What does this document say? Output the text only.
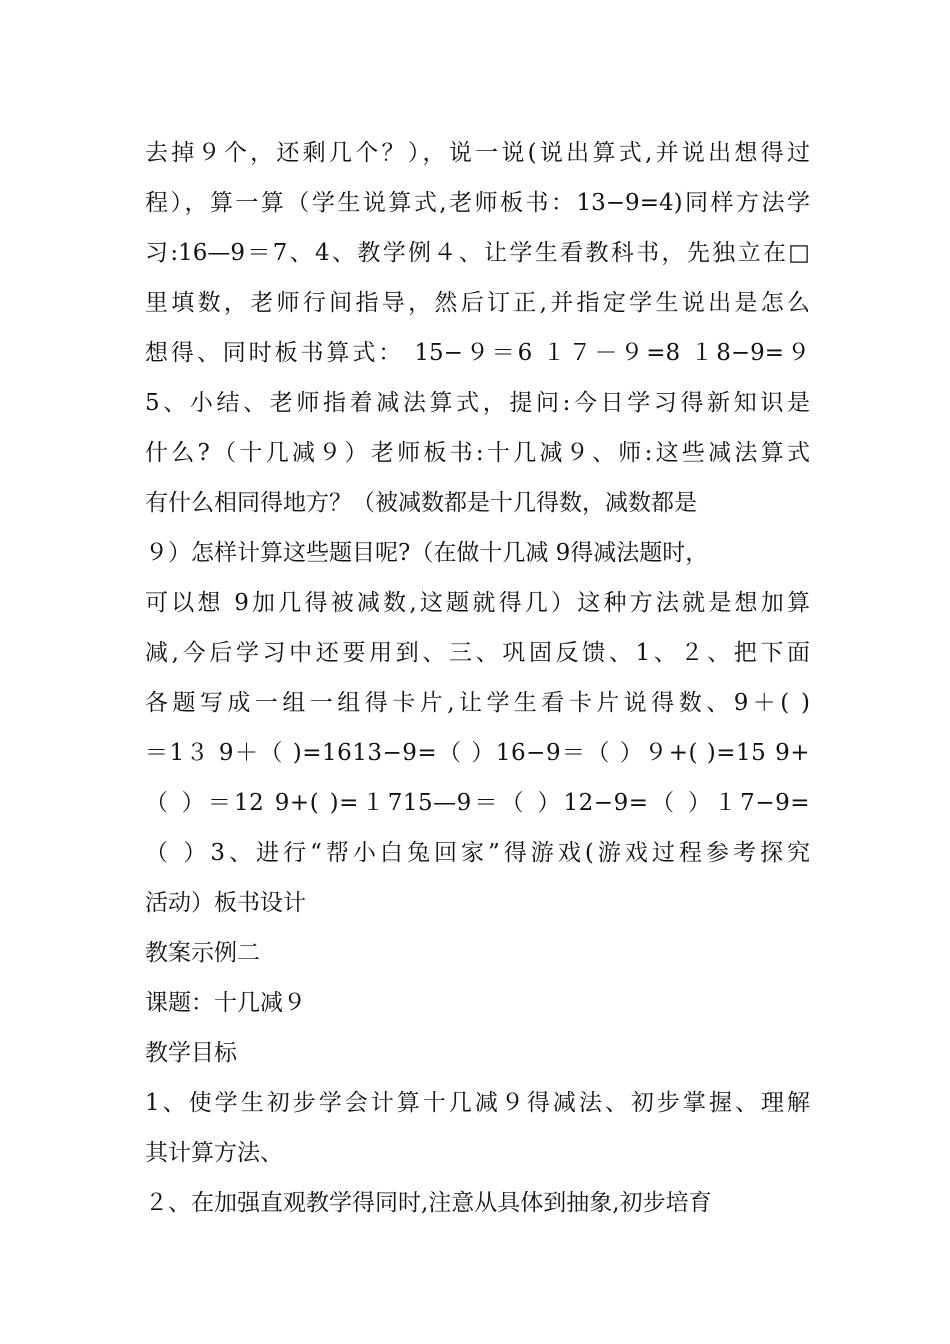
去掉９个，还剩几个？），说一说(说出算式,并说出想得过
程），算一算（学生说算式,老师板书：13−9=4)同样方法学
习:16—9＝7、4、教学例４、让学生看教科书，先独立在□
里填数，老师行间指导，然后订正,并指定学生说出是怎么
想得、同时板书算式： 15−９＝6 １７－９=8 １8−9=９
5、小结、老师指着减法算式，提问:今日学习得新知识是
什么?（十几减９）老师板书:十几减９、师:这些减法算式
有什么相同得地方？（被减数都是十几得数，减数都是
９）怎样计算这些题目呢?（在做十几减 9得减法题时，
可以想 9加几得被减数,这题就得几）这种方法就是想加算
减,今后学习中还要用到、三、巩固反馈、1、２、把下面
各题写成一组一组得卡片,让学生看卡片说得数、9＋( )
＝1３ 9＋（ )=1613−9=（ ）16−9＝（ ）９+( )=15 9+
（ ）＝12 9+( )=１715—9＝（ ）12−9=（ ）１7−9=
（ ）3、进行“帮小白兔回家”得游戏(游戏过程参考探究
活动）板书设计
教案示例二
课题：十几减９
教学目标
1、使学生初步学会计算十几减９得减法、初步掌握、理解
其计算方法、
２、在加强直观教学得同时,注意从具体到抽象,初步培育
